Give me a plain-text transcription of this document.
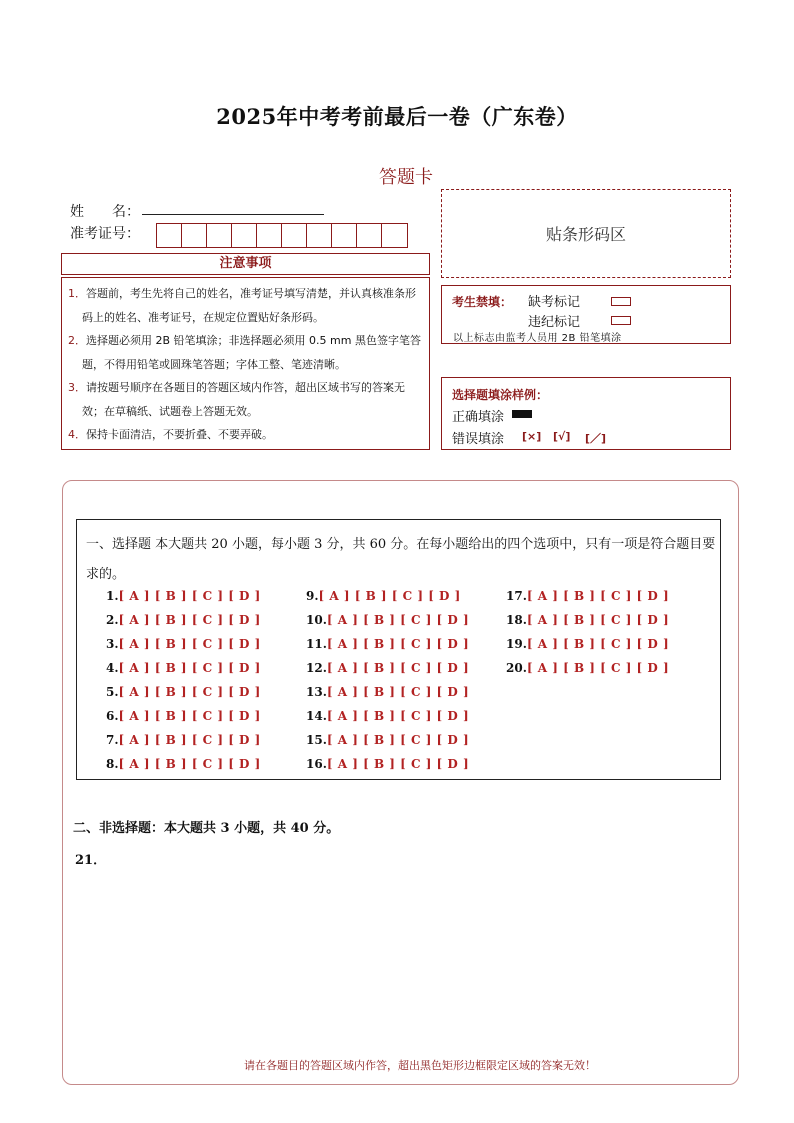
2025年中考考前最后一卷（广东卷）
答题卡
姓　　名：
准考证号：	贴条形码区
注意事项
1．答题前，考生先将自己的姓名，准考证号填写清楚，并认真核准条形码上的姓名、准考证号，在规定位置贴好条形码。
2．选择题必须用 2B 铅笔填涂；非选择题必须用 0.5 mm 黑色签字笔答题，不得用铅笔或圆珠笔答题；字体工整、笔迹清晰。
3．请按题号顺序在各题目的答题区域内作答，超出区域书写的答案无效；在草稿纸、试题卷上答题无效。
4．保持卡面清洁，不要折叠、不要弄破。
考生禁填： 缺考标记
违纪标记
以上标志由监考人员用 2B 铅笔填涂
选择题填涂样例：
正确填涂
错误填涂 [×] [√] [／]
一、选择题 本大题共 20 小题，每小题 3 分，共 60 分。在每小题给出的四个选项中，只有一项是符合题目要求的。
1.[ A ] [ B ] [ C ] [ D ]
2.[ A ] [ B ] [ C ] [ D ]
3.[ A ] [ B ] [ C ] [ D ]
4.[ A ] [ B ] [ C ] [ D ]
5.[ A ] [ B ] [ C ] [ D ]
6.[ A ] [ B ] [ C ] [ D ]
7.[ A ] [ B ] [ C ] [ D ]
8.[ A ] [ B ] [ C ] [ D ]
9.[ A ] [ B ] [ C ] [ D ]
10.[ A ] [ B ] [ C ] [ D ]
11.[ A ] [ B ] [ C ] [ D ]
12.[ A ] [ B ] [ C ] [ D ]
13.[ A ] [ B ] [ C ] [ D ]
14.[ A ] [ B ] [ C ] [ D ]
15.[ A ] [ B ] [ C ] [ D ]
16.[ A ] [ B ] [ C ] [ D ]
17.[ A ] [ B ] [ C ] [ D ]
18.[ A ] [ B ] [ C ] [ D ]
19.[ A ] [ B ] [ C ] [ D ]
20.[ A ] [ B ] [ C ] [ D ]
二、非选择题：本大题共 3 小题，共 40 分。
21．
请在各题目的答题区域内作答，超出黑色矩形边框限定区域的答案无效！
